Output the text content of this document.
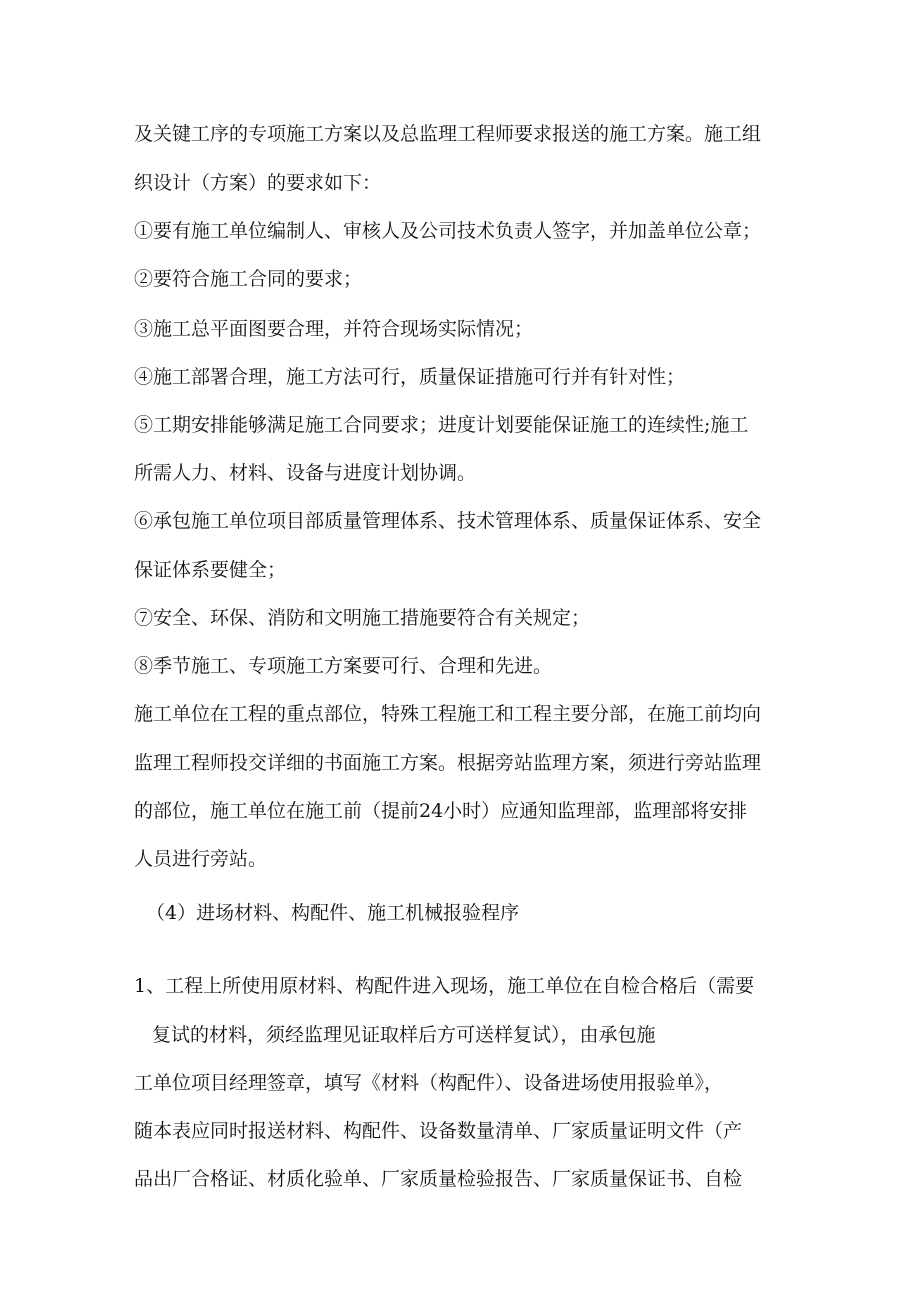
及关键工序的专项施工方案以及总监理工程师要求报送的施工方案。施工组

织设计（方案）的要求如下：

①要有施工单位编制人、审核人及公司技术负责人签字，并加盖单位公章；

②要符合施工合同的要求；

③施工总平面图要合理，并符合现场实际情况；

④施工部署合理，施工方法可行，质量保证措施可行并有针对性；

⑤工期安排能够满足施工合同要求；进度计划要能保证施工的连续性;施工

所需人力、材料、设备与进度计划协调。

⑥承包施工单位项目部质量管理体系、技术管理体系、质量保证体系、安全

保证体系要健全；

⑦安全、环保、消防和文明施工措施要符合有关规定；

⑧季节施工、专项施工方案要可行、合理和先进。

施工单位在工程的重点部位，特殊工程施工和工程主要分部，在施工前均向

监理工程师投交详细的书面施工方案。根据旁站监理方案，须进行旁站监理

的部位，施工单位在施工前（提前24小时）应通知监理部，监理部将安排

人员进行旁站。

（4）进场材料、构配件、施工机械报验程序

1、工程上所使用原材料、构配件进入现场，施工单位在自检合格后（需要

复试的材料，须经监理见证取样后方可送样复试），由承包施

工单位项目经理签章，填写《材料（构配件）、设备进场使用报验单》，

随本表应同时报送材料、构配件、设备数量清单、厂家质量证明文件（产

品出厂合格证、材质化验单、厂家质量检验报告、厂家质量保证书、自检
